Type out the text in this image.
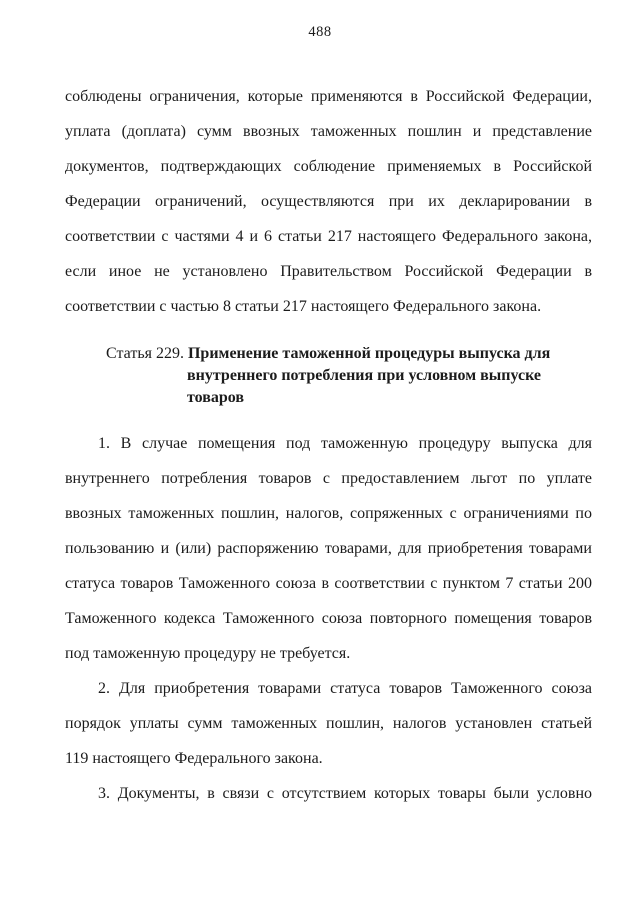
488
соблюдены ограничения, которые применяются в Российской Федерации,
уплата (доплата) сумм ввозных таможенных пошлин и представление
документов, подтверждающих соблюдение применяемых в Российской
Федерации ограничений, осуществляются при их декларировании в
соответствии с частями 4 и 6 статьи 217 настоящего Федерального закона,
если иное не установлено Правительством Российской Федерации в
соответствии с частью 8 статьи 217 настоящего Федерального закона.
Статья 229. Применение таможенной процедуры выпуска для
внутреннего потребления при условном выпуске
товаров
1. В случае помещения под таможенную процедуру выпуска для
внутреннего потребления товаров с предоставлением льгот по уплате
ввозных таможенных пошлин, налогов, сопряженных с ограничениями по
пользованию и (или) распоряжению товарами, для приобретения товарами
статуса товаров Таможенного союза в соответствии с пунктом 7 статьи 200
Таможенного кодекса Таможенного союза повторного помещения товаров
под таможенную процедуру не требуется.
2. Для приобретения товарами статуса товаров Таможенного союза
порядок уплаты сумм таможенных пошлин, налогов установлен статьей
119 настоящего Федерального закона.
3. Документы, в связи с отсутствием которых товары были условно
